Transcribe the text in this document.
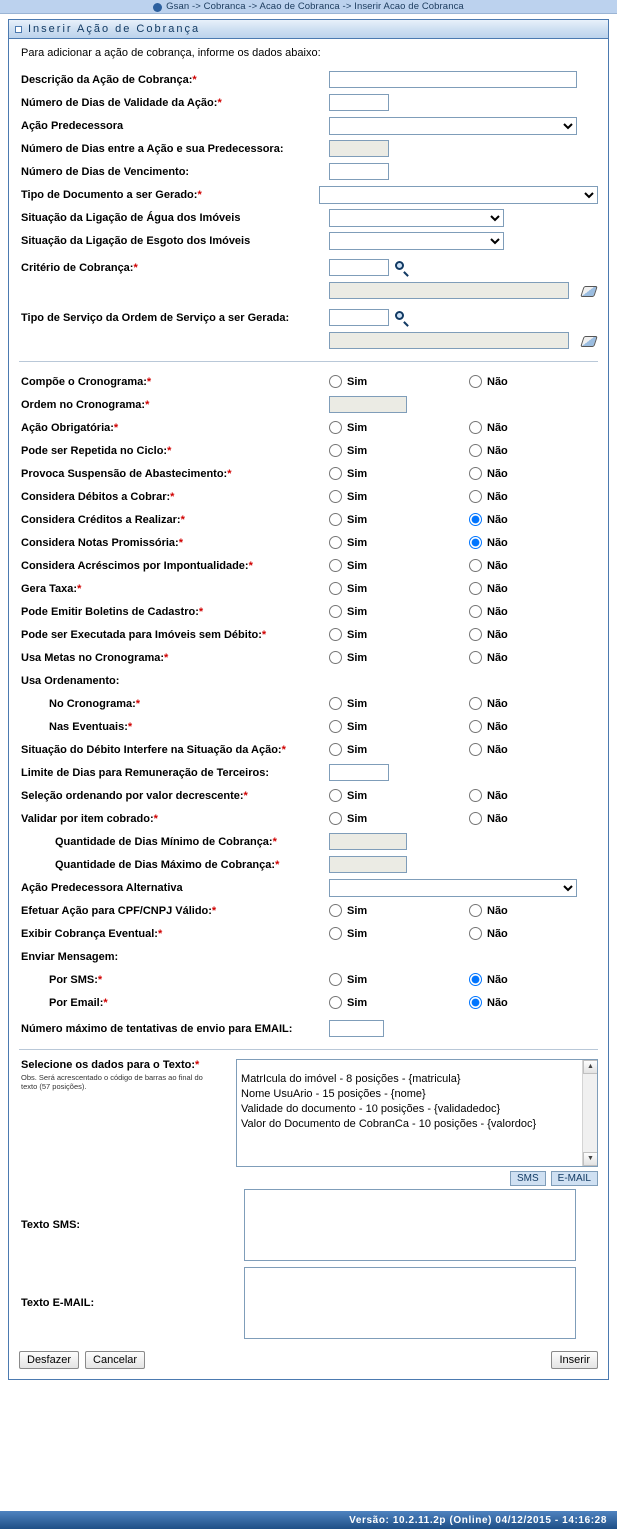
Gsan -> Cobranca -> Acao de Cobranca -> Inserir Acao de Cobranca
Inserir Ação de Cobrança
Para adicionar a ação de cobrança, informe os dados abaixo:
Descrição da Ação de Cobrança:*
Número de Dias de Validade da Ação:*
Ação Predecessora
Número de Dias entre a Ação e sua Predecessora:
Número de Dias de Vencimento:
Tipo de Documento a ser Gerado:*
Situação da Ligação de Água dos Imóveis
Situação da Ligação de Esgoto dos Imóveis
Critério de Cobrança:*
Tipo de Serviço da Ordem de Serviço a ser Gerada:
Compõe o Cronograma:*	Sim	Não
Ordem no Cronograma:*
Ação Obrigatória:*	Sim	Não
Pode ser Repetida no Ciclo:*	Sim	Não
Provoca Suspensão de Abastecimento:*	Sim	Não
Considera Débitos a Cobrar:*	Sim	Não
Considera Créditos a Realizar:*	Sim	Não
Considera Notas Promissória:*	Sim	Não
Considera Acréscimos por Impontualidade:*	Sim	Não
Gera Taxa:*	Sim	Não
Pode Emitir Boletins de Cadastro:*	Sim	Não
Pode ser Executada para Imóveis sem Débito:*	Sim	Não
Usa Metas no Cronograma:*	Sim	Não
Usa Ordenamento:
No Cronograma:*	Sim	Não
Nas Eventuais:*	Sim	Não
Situação do Débito Interfere na Situação da Ação:*	Sim	Não
Limite de Dias para Remuneração de Terceiros:
Seleção ordenando por valor decrescente:*	Sim	Não
Validar por item cobrado:*	Sim	Não
Quantidade de Dias Mínimo de Cobrança:*
Quantidade de Dias Máximo de Cobrança:*
Ação Predecessora Alternativa
Efetuar Ação para CPF/CNPJ Válido:*	Sim	Não
Exibir Cobrança Eventual:*	Sim	Não
Enviar Mensagem:
Por SMS:*	Sim	Não
Por Email:*	Sim	Não
Número máximo de tentativas de envio para EMAIL:
Selecione os dados para o Texto:*
Obs. Será acrescentado o código de barras ao final do texto (57 posições).
MatrIcula do imóvel - 8 posições - {matricula}
Nome UsuArio - 15 posições - {nome}
Validade do documento - 10 posições - {validadedoc}
Valor do Documento de CobranCa - 10 posições - {valordoc}
▲
▼
SMS	E-MAIL
Texto SMS:
Texto E-MAIL:
Desfazer	Cancelar	Inserir
Versão: 10.2.11.2p (Online) 04/12/2015 - 14:16:28
